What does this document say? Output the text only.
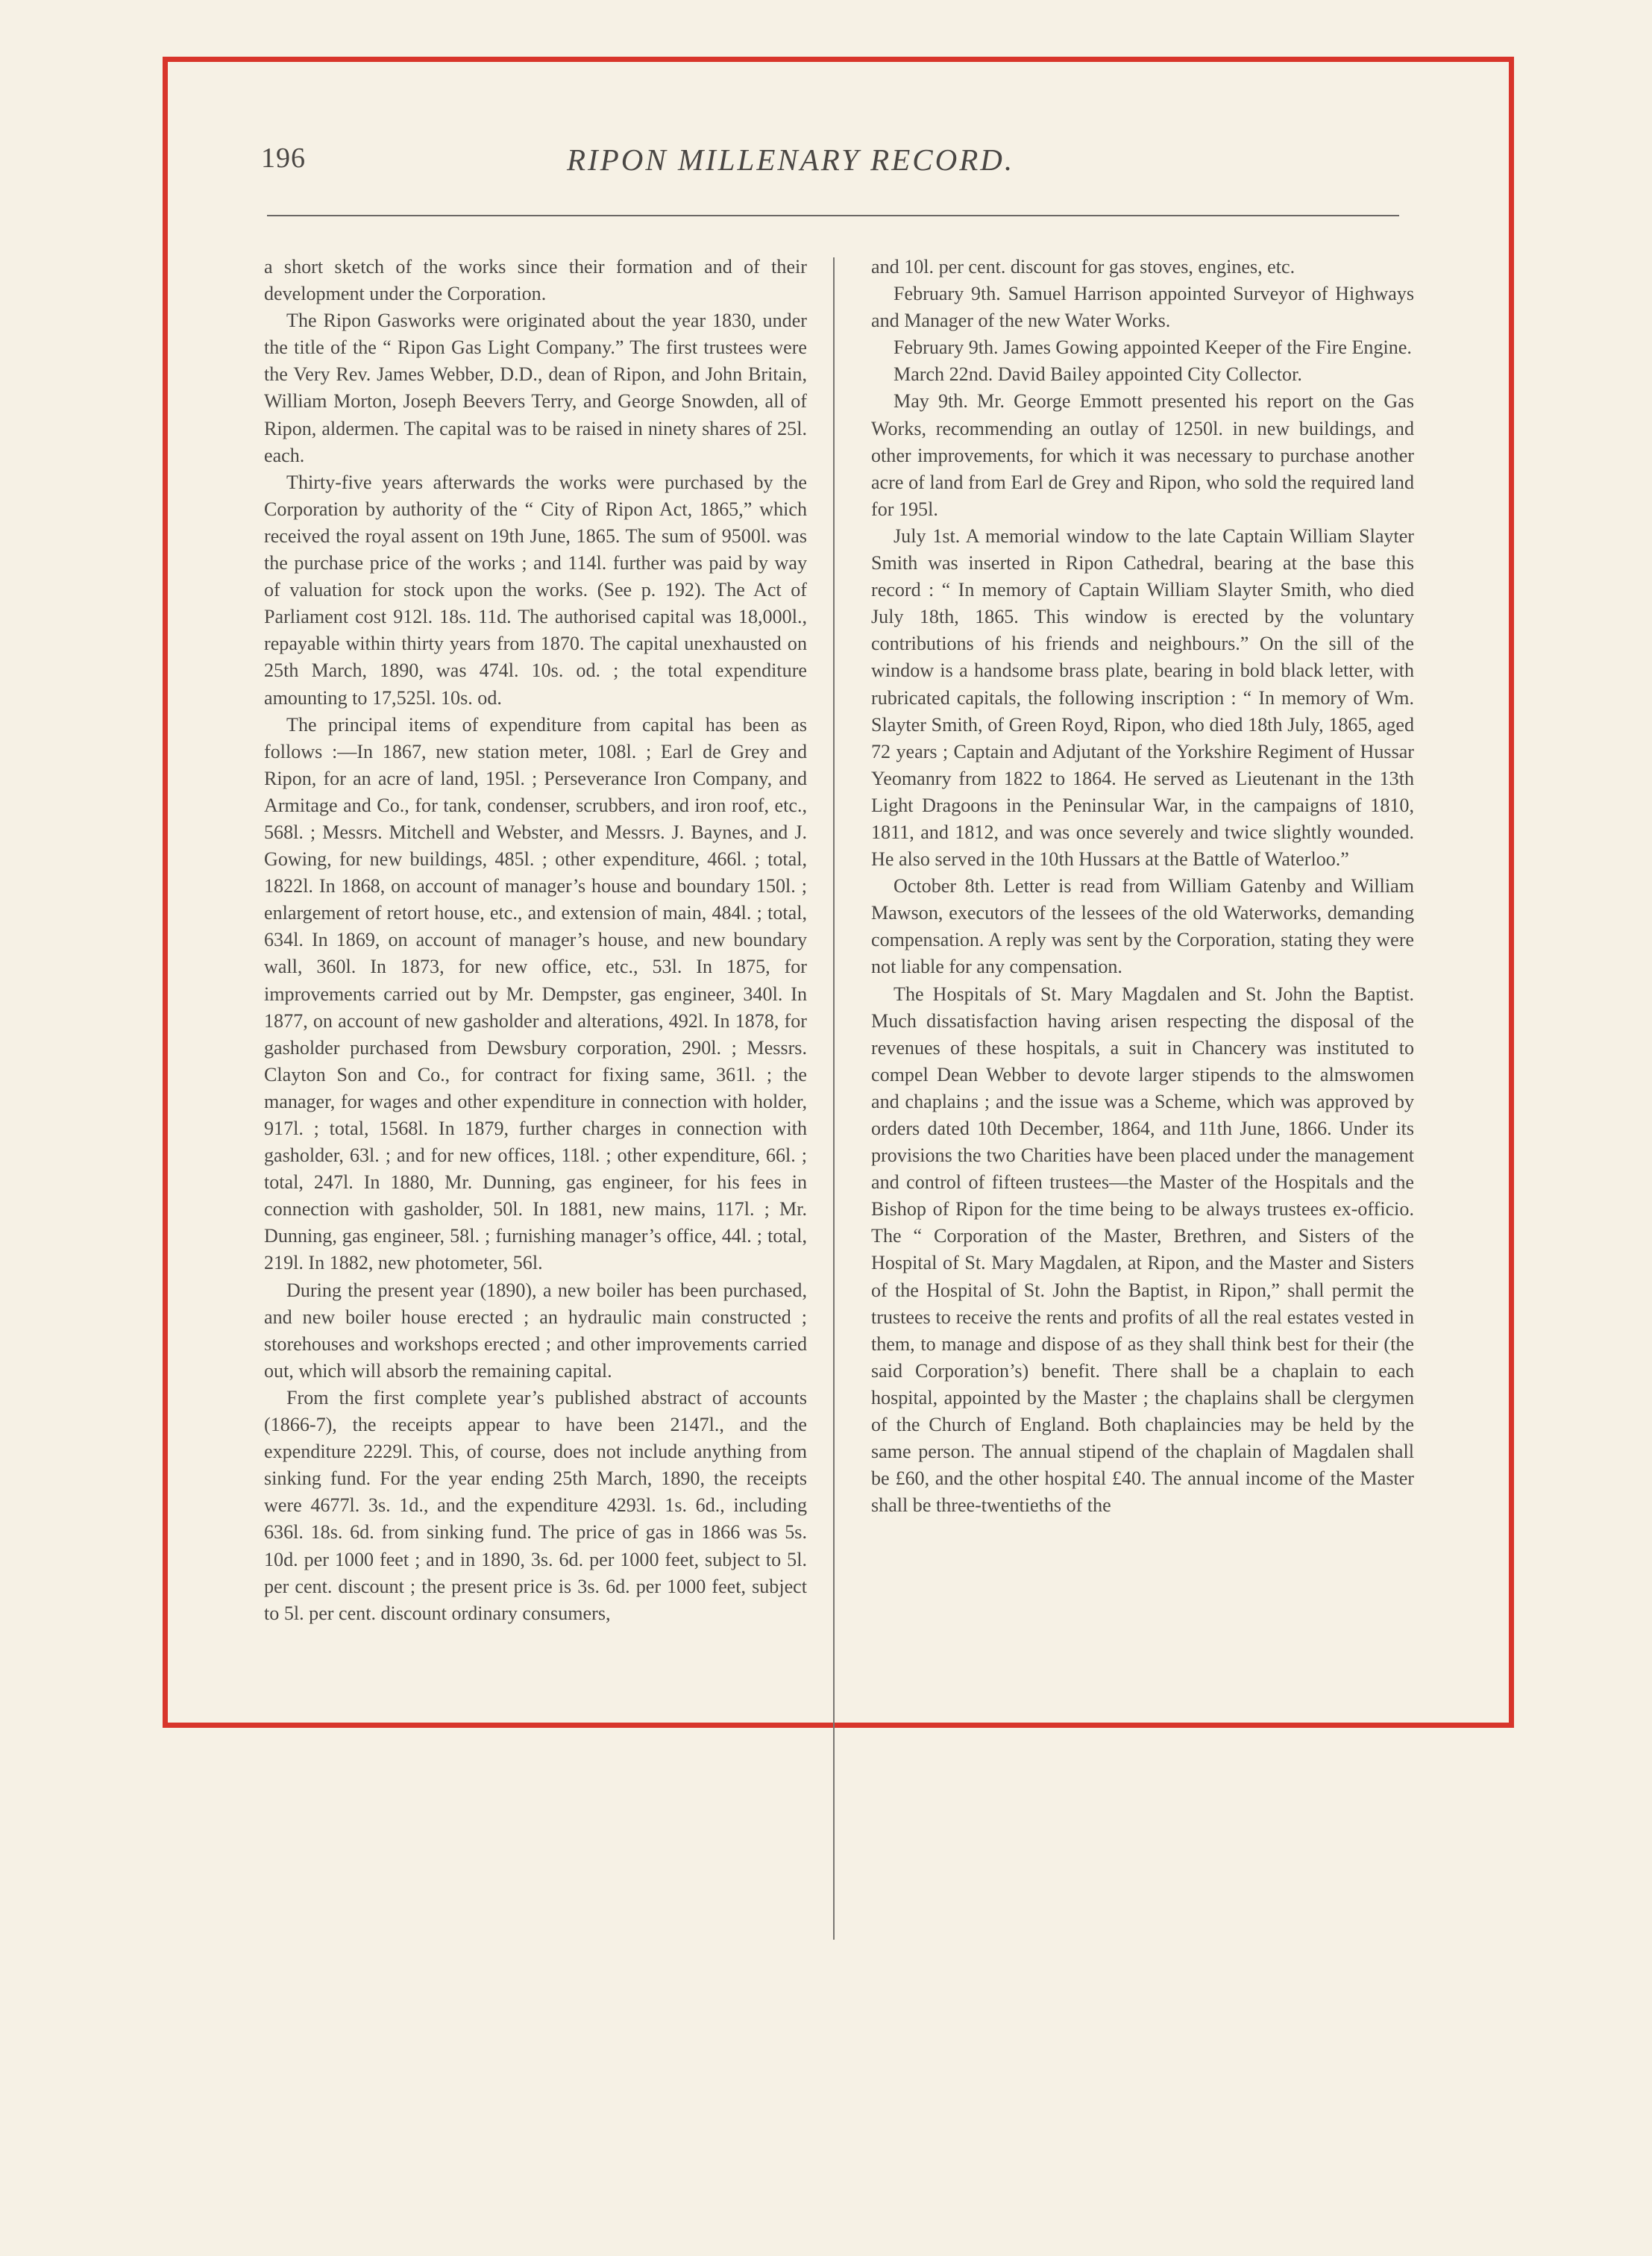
196	RIPON MILLENARY RECORD.

a short sketch of the works since their formation and of their development under the Corporation.

The Ripon Gasworks were originated about the year 1830, under the title of the “ Ripon Gas Light Company.” The first trustees were the Very Rev. James Webber, D.D., dean of Ripon, and John Britain, William Morton, Joseph Beevers Terry, and George Snowden, all of Ripon, aldermen. The capital was to be raised in ninety shares of 25l. each.

Thirty-five years afterwards the works were purchased by the Corporation by authority of the “ City of Ripon Act, 1865,” which received the royal assent on 19th June, 1865. The sum of 9500l. was the purchase price of the works ; and 114l. further was paid by way of valuation for stock upon the works. (See p. 192). The Act of Parliament cost 912l. 18s. 11d. The authorised capital was 18,000l., repayable within thirty years from 1870. The capital unexhausted on 25th March, 1890, was 474l. 10s. od. ; the total expenditure amounting to 17,525l. 10s. od.

The principal items of expenditure from capital has been as follows :—In 1867, new station meter, 108l. ; Earl de Grey and Ripon, for an acre of land, 195l. ; Perseverance Iron Company, and Armitage and Co., for tank, condenser, scrubbers, and iron roof, etc., 568l. ; Messrs. Mitchell and Webster, and Messrs. J. Baynes, and J. Gowing, for new buildings, 485l. ; other expenditure, 466l. ; total, 1822l. In 1868, on account of manager’s house and boundary 150l. ; enlargement of retort house, etc., and extension of main, 484l. ; total, 634l. In 1869, on account of manager’s house, and new boundary wall, 360l. In 1873, for new office, etc., 53l. In 1875, for improvements carried out by Mr. Dempster, gas engineer, 340l. In 1877, on account of new gasholder and alterations, 492l. In 1878, for gasholder purchased from Dewsbury corporation, 290l. ; Messrs. Clayton Son and Co., for contract for fixing same, 361l. ; the manager, for wages and other expenditure in connection with holder, 917l. ; total, 1568l. In 1879, further charges in connection with gasholder, 63l. ; and for new offices, 118l. ; other expenditure, 66l. ; total, 247l. In 1880, Mr. Dunning, gas engineer, for his fees in connection with gasholder, 50l. In 1881, new mains, 117l. ; Mr. Dunning, gas engineer, 58l. ; furnishing manager’s office, 44l. ; total, 219l. In 1882, new photometer, 56l.

During the present year (1890), a new boiler has been purchased, and new boiler house erected ; an hydraulic main constructed ; storehouses and workshops erected ; and other improvements carried out, which will absorb the remaining capital.

From the first complete year’s published abstract of accounts (1866-7), the receipts appear to have been 2147l., and the expenditure 2229l. This, of course, does not include anything from sinking fund. For the year ending 25th March, 1890, the receipts were 4677l. 3s. 1d., and the expenditure 4293l. 1s. 6d., including 636l. 18s. 6d. from sinking fund. The price of gas in 1866 was 5s. 10d. per 1000 feet ; and in 1890, 3s. 6d. per 1000 feet, subject to 5l. per cent. discount ; the present price is 3s. 6d. per 1000 feet, subject to 5l. per cent. discount ordinary consumers,

and 10l. per cent. discount for gas stoves, engines, etc.

February 9th. Samuel Harrison appointed Surveyor of Highways and Manager of the new Water Works.

February 9th. James Gowing appointed Keeper of the Fire Engine.

March 22nd. David Bailey appointed City Collector.

May 9th. Mr. George Emmott presented his report on the Gas Works, recommending an outlay of 1250l. in new buildings, and other improvements, for which it was necessary to purchase another acre of land from Earl de Grey and Ripon, who sold the required land for 195l.

July 1st. A memorial window to the late Captain William Slayter Smith was inserted in Ripon Cathedral, bearing at the base this record : “ In memory of Captain William Slayter Smith, who died July 18th, 1865. This window is erected by the voluntary contributions of his friends and neighbours.” On the sill of the window is a handsome brass plate, bearing in bold black letter, with rubricated capitals, the following inscription : “ In memory of Wm. Slayter Smith, of Green Royd, Ripon, who died 18th July, 1865, aged 72 years ; Captain and Adjutant of the Yorkshire Regiment of Hussar Yeomanry from 1822 to 1864. He served as Lieutenant in the 13th Light Dragoons in the Peninsular War, in the campaigns of 1810, 1811, and 1812, and was once severely and twice slightly wounded. He also served in the 10th Hussars at the Battle of Waterloo.”

October 8th. Letter is read from William Gatenby and William Mawson, executors of the lessees of the old Waterworks, demanding compensation. A reply was sent by the Corporation, stating they were not liable for any compensation.

The Hospitals of St. Mary Magdalen and St. John the Baptist. Much dissatisfaction having arisen respecting the disposal of the revenues of these hospitals, a suit in Chancery was instituted to compel Dean Webber to devote larger stipends to the almswomen and chaplains ; and the issue was a Scheme, which was approved by orders dated 10th December, 1864, and 11th June, 1866. Under its provisions the two Charities have been placed under the management and control of fifteen trustees—the Master of the Hospitals and the Bishop of Ripon for the time being to be always trustees ex-officio. The “ Corporation of the Master, Brethren, and Sisters of the Hospital of St. Mary Magdalen, at Ripon, and the Master and Sisters of the Hospital of St. John the Baptist, in Ripon,” shall permit the trustees to receive the rents and profits of all the real estates vested in them, to manage and dispose of as they shall think best for their (the said Corporation’s) benefit. There shall be a chaplain to each hospital, appointed by the Master ; the chaplains shall be clergymen of the Church of England. Both chaplaincies may be held by the same person. The annual stipend of the chaplain of Magdalen shall be £60, and the other hospital £40. The annual income of the Master shall be three-twentieths of the
